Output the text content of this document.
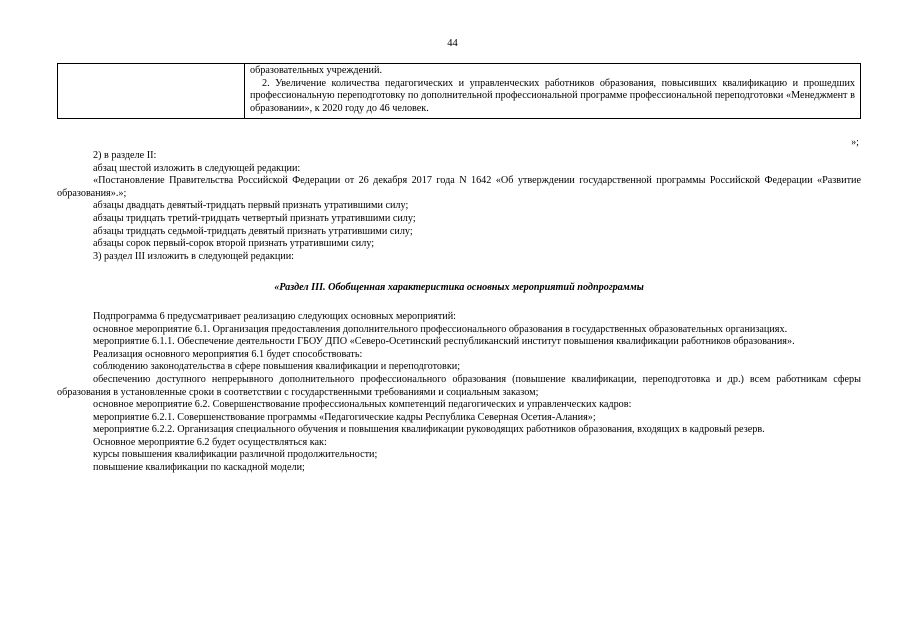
44

образовательных учреждений.
2. Увеличение количества педагогических и управленческих работников образования, повысивших квалификацию и прошедших профессиональную переподготовку по дополнительной профессиональной программе профессиональной переподготовки «Менеджмент в образовании», к 2020 году до 46 человек.
»;

2) в разделе II:

абзац шестой изложить в следующей редакции:

«Постановление Правительства Российской Федерации от 26 декабря 2017 года N 1642 «Об утверждении государственной программы Российской Федерации «Развитие образования».»;

абзацы двадцать девятый-тридцать первый признать утратившими силу;

абзацы тридцать третий-тридцать четвертый признать утратившими силу;

абзацы тридцать седьмой-тридцать девятый признать утратившими силу;

абзацы сорок первый-сорок второй признать утратившими силу;

3) раздел III изложить в следующей редакции:

«Раздел III. Обобщенная характеристика основных мероприятий подпрограммы

Подпрограмма 6 предусматривает реализацию следующих основных мероприятий:

основное мероприятие 6.1. Организация предоставления дополнительного профессионального образования в государственных образовательных организациях.

мероприятие 6.1.1. Обеспечение деятельности ГБОУ ДПО «Северо-Осетинский республиканский институт повышения квалификации работников образования».

Реализация основного мероприятия 6.1 будет способствовать:

соблюдению законодательства в сфере повышения квалификации и переподготовки;

обеспечению доступного непрерывного дополнительного профессионального образования (повышение квалификации, переподготовка и др.) всем работникам сферы образования в установленные сроки в соответствии с государственными требованиями и социальным заказом;

основное мероприятие 6.2. Совершенствование профессиональных компетенций педагогических и управленческих кадров:

мероприятие 6.2.1. Совершенствование программы «Педагогические кадры Республика Северная Осетия-Алания»;

мероприятие 6.2.2. Организация специального обучения и повышения квалификации руководящих работников образования, входящих в кадровый резерв.

Основное мероприятие 6.2 будет осуществляться как:

курсы повышения квалификации различной продолжительности;

повышение квалификации по каскадной модели;
